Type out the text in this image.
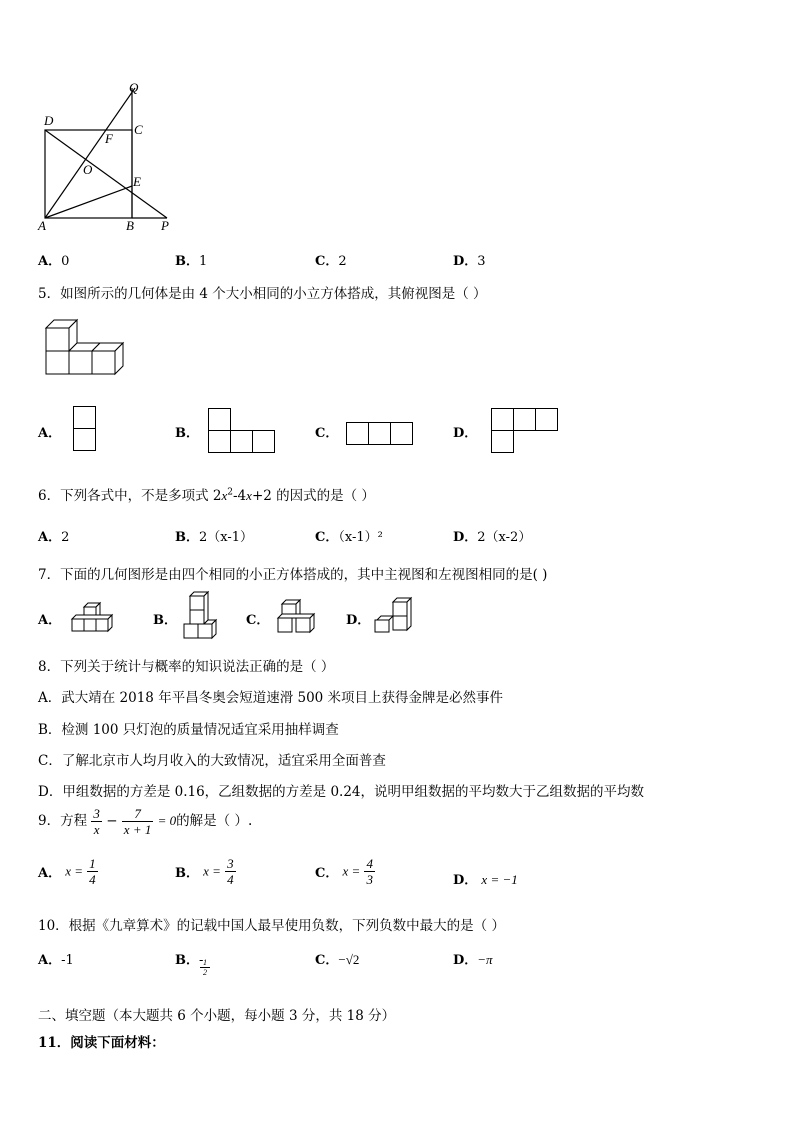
Q
D
C
F
O
E
A	B P
A．0	B．1	C．2	D．3
5．如图所示的几何体是由 4 个大小相同的小立方体搭成，其俯视图是（ ）
A．	B．	C．	D．
6．下列各式中，不是多项式 $2x^2-4x+2$ 的因式的是（ ）
A．2	B．2（x-1）	C．（x-1）²	D．2（x-2）
7．下面的几何图形是由四个相同的小正方体搭成的，其中主视图和左视图相同的是( )
A．	B．	C．	D．
8．下列关于统计与概率的知识说法正确的是（ ）
A．武大靖在 2018 年平昌冬奥会短道速滑 500 米项目上获得金牌是必然事件
B．检测 100 只灯泡的质量情况适宜采用抽样调查
C．了解北京市人均月收入的大致情况，适宜采用全面普查
D．甲组数据的方差是 0.16，乙组数据的方差是 0.24，说明甲组数据的平均数大于乙组数据的平均数
9．方程 $\frac{3}{x} - \frac{7}{x + 1} = 0$的解是（ ）.
A． $x = \frac{1}{4}$	B． $x = \frac{3}{4}$	C． $x = \frac{4}{3}$	D． x = −1
10．根据《九章算术》的记载中国人最早使用负数，下列负数中最大的是（ ）
A．-1	B．-
$\frac{1}{2}$	C．−√2	D．−π
二、填空题（本大题共 6 个小题，每小题 3 分，共 18 分）
11．阅读下面材料：
